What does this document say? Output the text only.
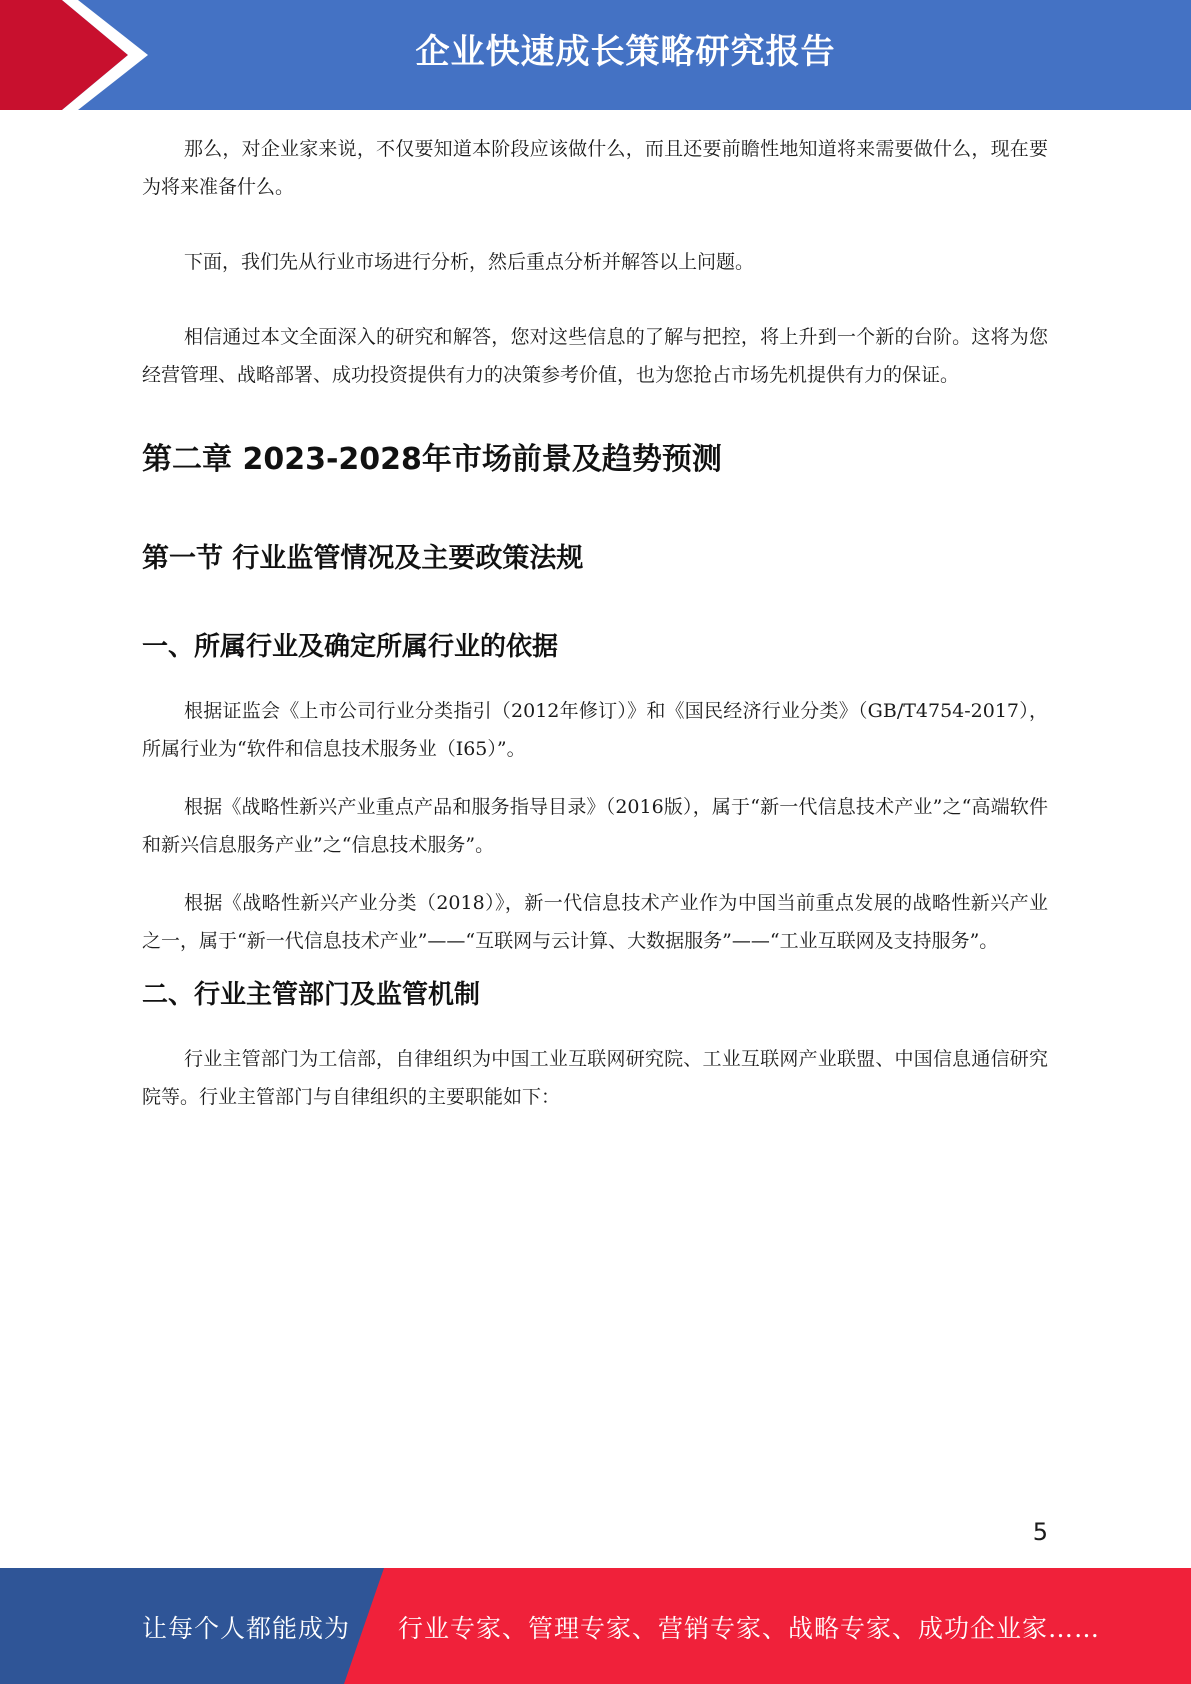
企业快速成长策略研究报告

那么，对企业家来说，不仅要知道本阶段应该做什么，而且还要前瞻性地知道将来需要做什么，现在要为将来准备什么。

下面，我们先从行业市场进行分析，然后重点分析并解答以上问题。

相信通过本文全面深入的研究和解答，您对这些信息的了解与把控，将上升到一个新的台阶。这将为您经营管理、战略部署、成功投资提供有力的决策参考价值，也为您抢占市场先机提供有力的保证。

第二章 2023-2028年市场前景及趋势预测
第一节 行业监管情况及主要政策法规
一、所属行业及确定所属行业的依据

根据证监会《上市公司行业分类指引（2012年修订）》和《国民经济行业分类》（GB/T4754-2017），所属行业为“软件和信息技术服务业（I65）”。

根据《战略性新兴产业重点产品和服务指导目录》（2016版），属于“新一代信息技术产业”之“高端软件和新兴信息服务产业”之“信息技术服务”。

根据《战略性新兴产业分类（2018）》，新一代信息技术产业作为中国当前重点发展的战略性新兴产业之一，属于“新一代信息技术产业”——“互联网与云计算、大数据服务”——“工业互联网及支持服务”。

二、行业主管部门及监管机制

行业主管部门为工信部，自律组织为中国工业互联网研究院、工业互联网产业联盟、中国信息通信研究院等。行业主管部门与自律组织的主要职能如下：

5
让每个人都能成为 行业专家、管理专家、营销专家、战略专家、成功企业家……
